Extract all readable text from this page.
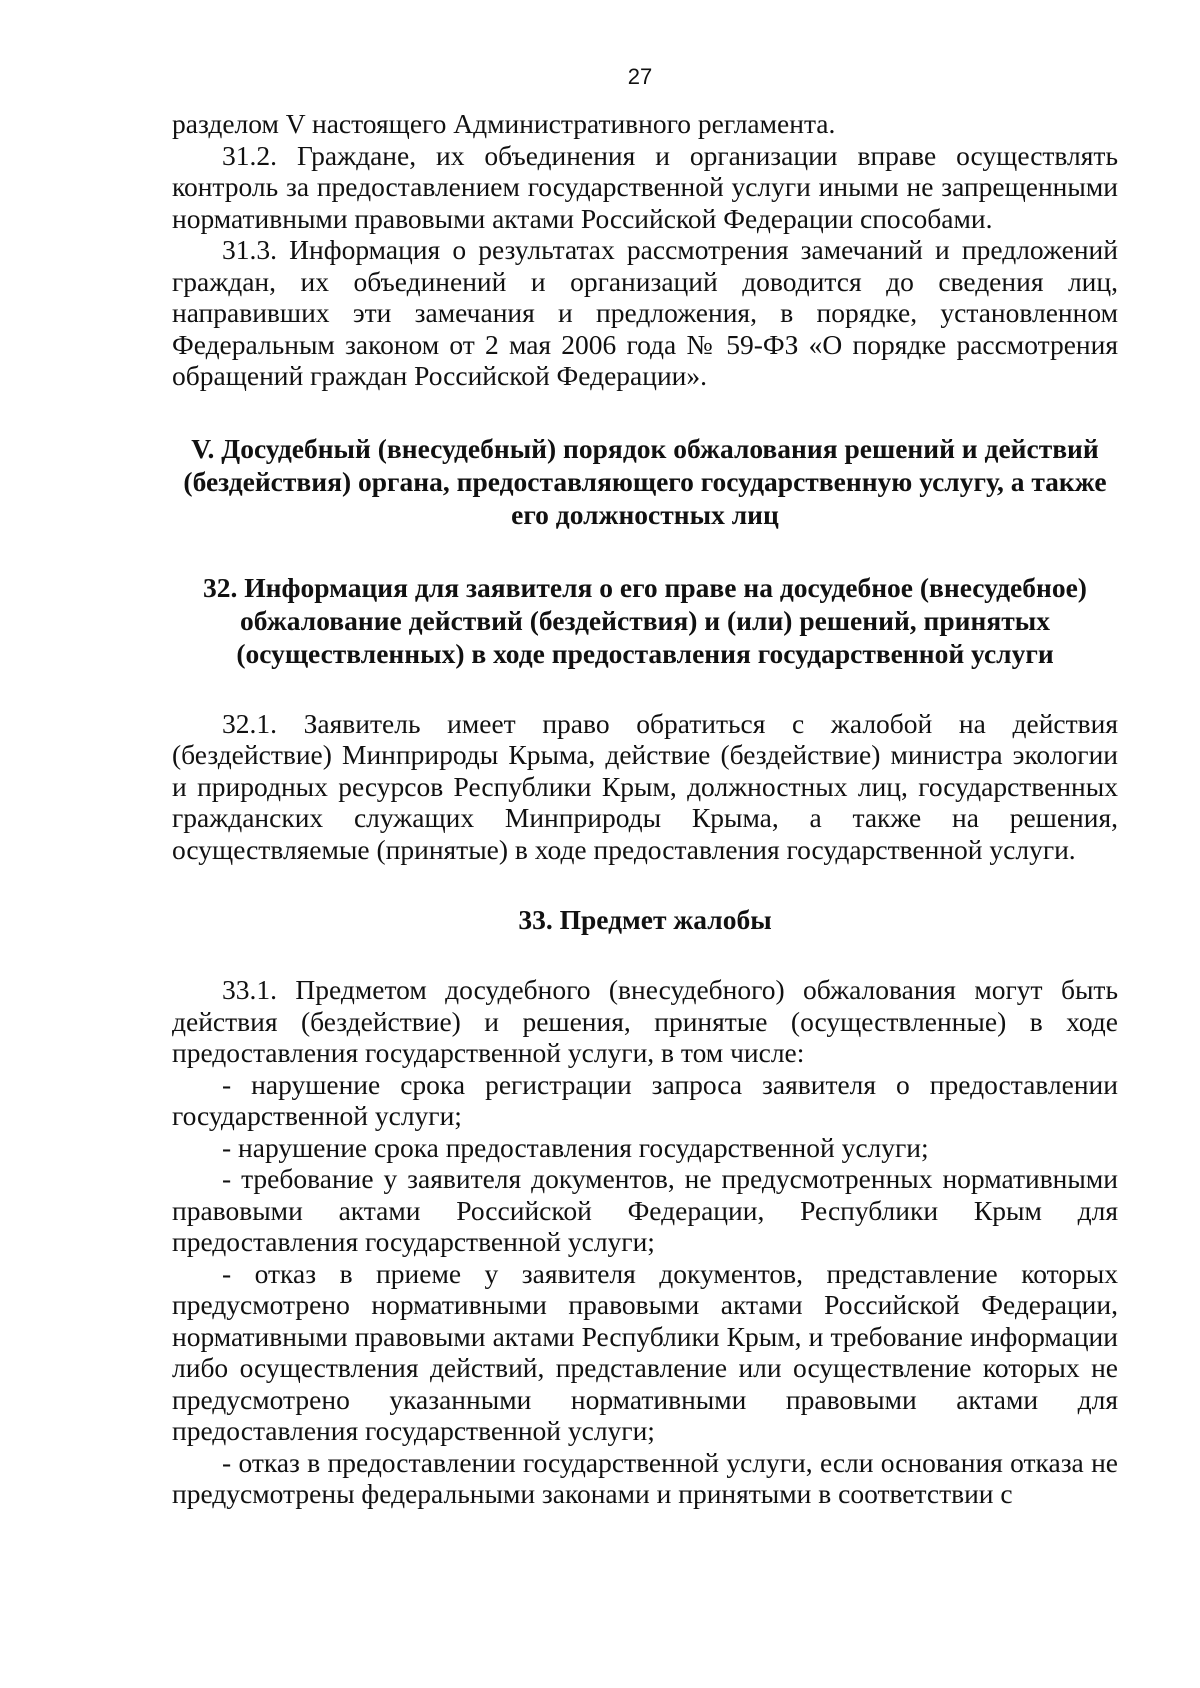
27

разделом V настоящего Административного регламента.

31.2. Граждане, их объединения и организации вправе осуществлять контроль за предоставлением государственной услуги иными не запрещенными нормативными правовыми актами Российской Федерации способами.

31.3. Информация о результатах рассмотрения замечаний и предложений граждан, их объединений и организаций доводится до сведения лиц, направивших эти замечания и предложения, в порядке, установленном Федеральным законом от 2 мая 2006 года № 59-ФЗ «О порядке рассмотрения обращений граждан Российской Федерации».

V. Досудебный (внесудебный) порядок обжалования решений и действий (бездействия) органа, предоставляющего государственную услугу, а также его должностных лиц
32. Информация для заявителя о его праве на досудебное (внесудебное) обжалование действий (бездействия) и (или) решений, принятых (осуществленных) в ходе предоставления государственной услуги

32.1. Заявитель имеет право обратиться с жалобой на действия (бездействие) Минприроды Крыма, действие (бездействие) министра экологии и природных ресурсов Республики Крым, должностных лиц, государственных гражданских служащих Минприроды Крыма, а также на решения, осуществляемые (принятые) в ходе предоставления государственной услуги.

33. Предмет жалобы

33.1. Предметом досудебного (внесудебного) обжалования могут быть действия (бездействие) и решения, принятые (осуществленные) в ходе предоставления государственной услуги, в том числе:

- нарушение срока регистрации запроса заявителя о предоставлении государственной услуги;

- нарушение срока предоставления государственной услуги;

- требование у заявителя документов, не предусмотренных нормативными правовыми актами Российской Федерации, Республики Крым для предоставления государственной услуги;

- отказ в приеме у заявителя документов, представление которых предусмотрено нормативными правовыми актами Российской Федерации, нормативными правовыми актами Республики Крым, и требование информации либо осуществления действий, представление или осуществление которых не предусмотрено указанными нормативными правовыми актами для предоставления государственной услуги;

- отказ в предоставлении государственной услуги, если основания отказа не предусмотрены федеральными законами и принятыми в соответствии с
